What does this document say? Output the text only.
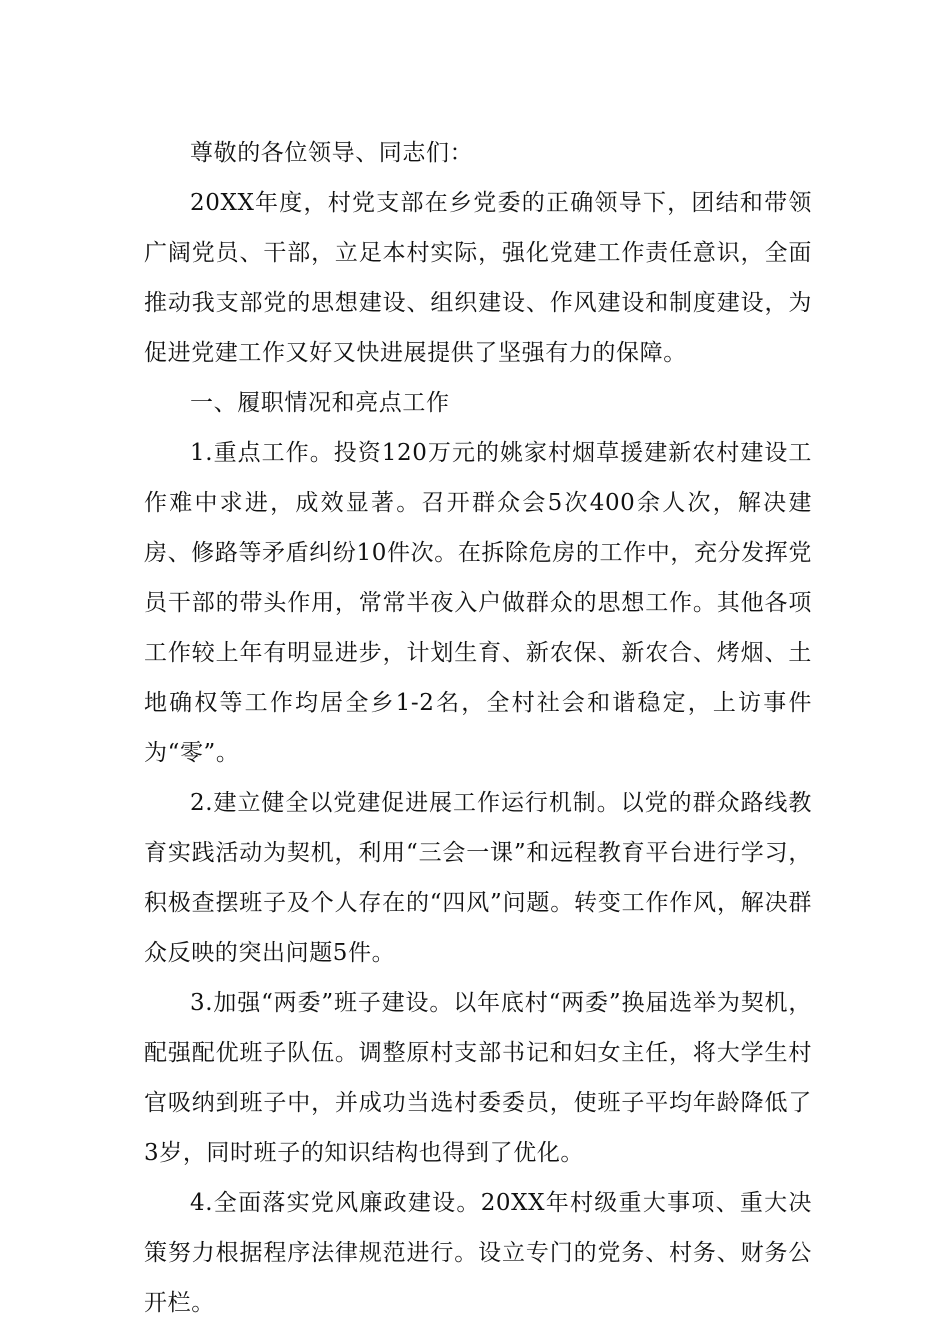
尊敬的各位领导、同志们：

20XX年度，村党支部在乡党委的正确领导下，团结和带领广阔党员、干部，立足本村实际，强化党建工作责任意识，全面推动我支部党的思想建设、组织建设、作风建设和制度建设，为促进党建工作又好又快进展提供了坚强有力的保障。

一、履职情况和亮点工作

1.重点工作。投资120万元的姚家村烟草援建新农村建设工作难中求进，成效显著。召开群众会5次400余人次，解决建房、修路等矛盾纠纷10件次。在拆除危房的工作中，充分发挥党员干部的带头作用，常常半夜入户做群众的思想工作。其他各项工作较上年有明显进步，计划生育、新农保、新农合、烤烟、土地确权等工作均居全乡1-2名，全村社会和谐稳定，上访事件为“零”。

2.建立健全以党建促进展工作运行机制。以党的群众路线教育实践活动为契机，利用“三会一课”和远程教育平台进行学习，积极查摆班子及个人存在的“四风”问题。转变工作作风，解决群众反映的突出问题5件。

3.加强“两委”班子建设。以年底村“两委”换届选举为契机，配强配优班子队伍。调整原村支部书记和妇女主任，将大学生村官吸纳到班子中，并成功当选村委委员，使班子平均年龄降低了3岁，同时班子的知识结构也得到了优化。

4.全面落实党风廉政建设。20XX年村级重大事项、重大决策努力根据程序法律规范进行。设立专门的党务、村务、财务公开栏。
